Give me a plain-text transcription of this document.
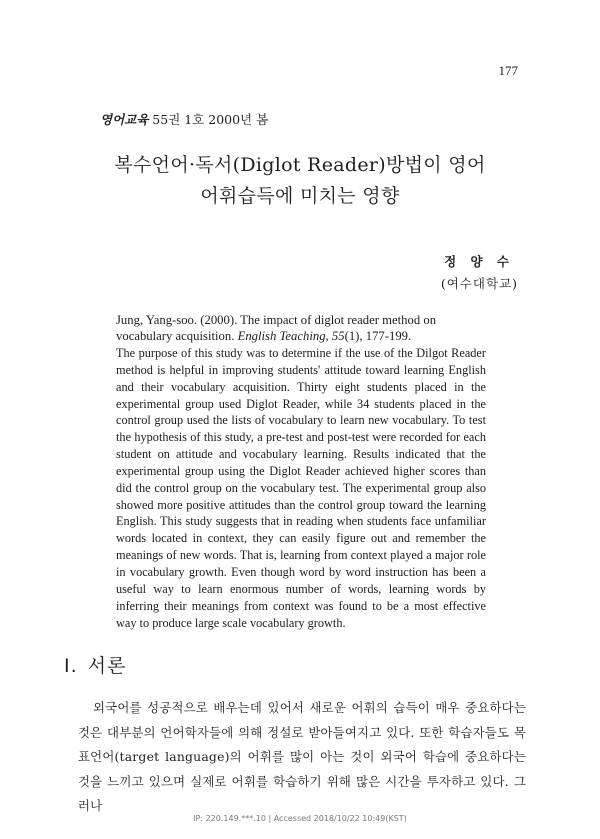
177
영어교육 55권 1호 2000년 봄
복수언어·독서(Diglot Reader)방법이 영어
어휘습득에 미치는 영향
정 양 수
(여수대학교)
Jung, Yang-soo. (2000). The impact of diglot reader method on vocabulary acquisition. English Teaching, 55(1), 177-199.

The purpose of this study was to determine if the use of the Dilgot Reader method is helpful in improving students' attitude toward learning English and their vocabulary acquisition. Thirty eight students placed in the experimental group used Diglot Reader, while 34 students placed in the control group used the lists of vocabulary to learn new vocabulary. To test the hypothesis of this study, a pre-test and post-test were recorded for each student on attitude and vocabulary learning. Results indicated that the experimental group using the Diglot Reader achieved higher scores than did the control group on the vocabulary test. The experimental group also showed more positive attitudes than the control group toward the learning English. This study suggests that in reading when students face unfamiliar words located in context, they can easily figure out and remember the meanings of new words. That is, learning from context played a major role in vocabulary growth. Even though word by word instruction has been a useful way to learn enormous number of words, learning words by inferring their meanings from context was found to be a most effective way to produce large scale vocabulary growth.

I. 서론

외국어를 성공적으로 배우는데 있어서 새로운 어휘의 습득이 매우 중요하다는 것은 대부분의 언어학자들에 의해 정설로 받아들여지고 있다. 또한 학습자들도 목표언어(target language)의 어휘를 많이 아는 것이 외국어 학습에 중요하다는 것을 느끼고 있으며 실제로 어휘를 학습하기 위해 많은 시간을 투자하고 있다. 그러나

IP: 220.149.***.10 | Accessed 2018/10/22 10:49(KST)
